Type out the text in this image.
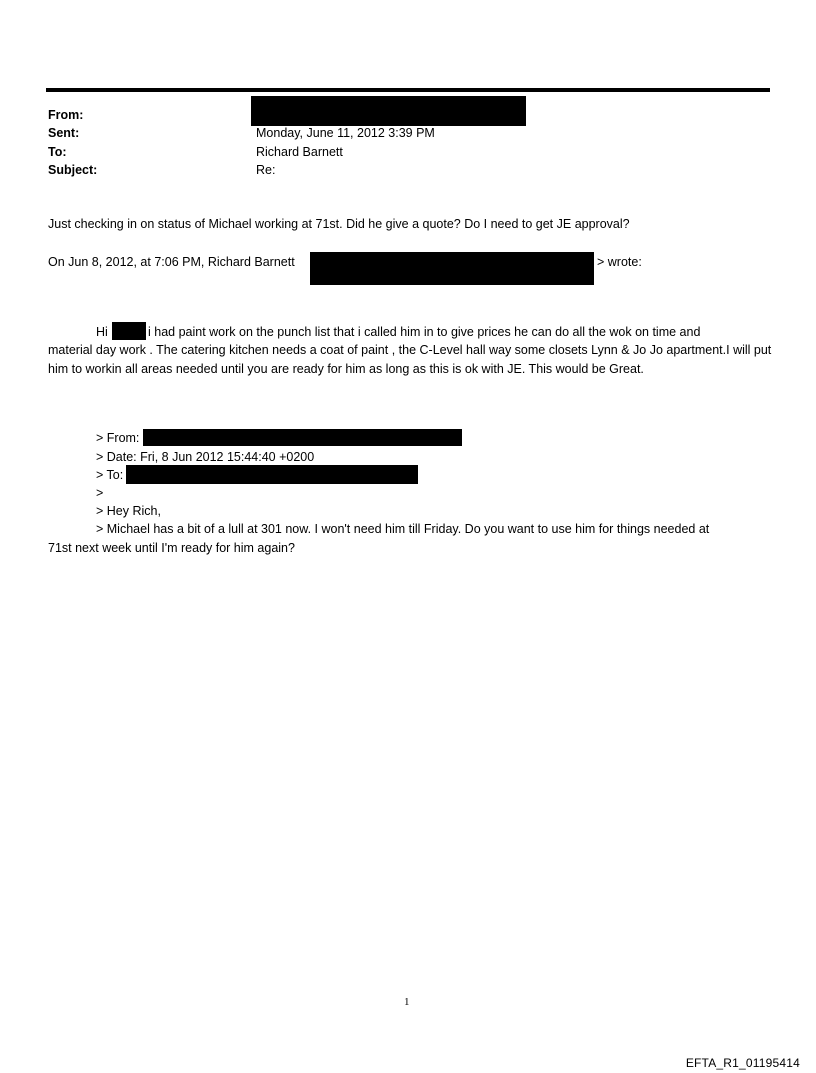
From:
Sent:	Monday, June 11, 2012 3:39 PM
To:	Richard Barnett
Subject:	Re:
Just checking in on status of Michael working at 71st. Did he give a quote? Do I need to get JE approval?
On Jun 8, 2012, at 7:06 PM, Richard Barnett	> wrote:
Hi	i had paint work on the punch list that i called him in to give prices he can do all the wok on time and
material day work . The catering kitchen needs a coat of paint , the C-Level hall way some closets Lynn & Jo Jo apartment.I will put him to workin all areas needed until you are ready for him as long as this is ok with JE. This would be Great.
> From:
> Date: Fri, 8 Jun 2012 15:44:40 +0200
> To:
>
> Hey Rich,
> Michael has a bit of a lull at 301 now. I won't need him till Friday. Do you want to use him for things needed at
71st next week until I'm ready for him again?
1
EFTA_R1_01195414
